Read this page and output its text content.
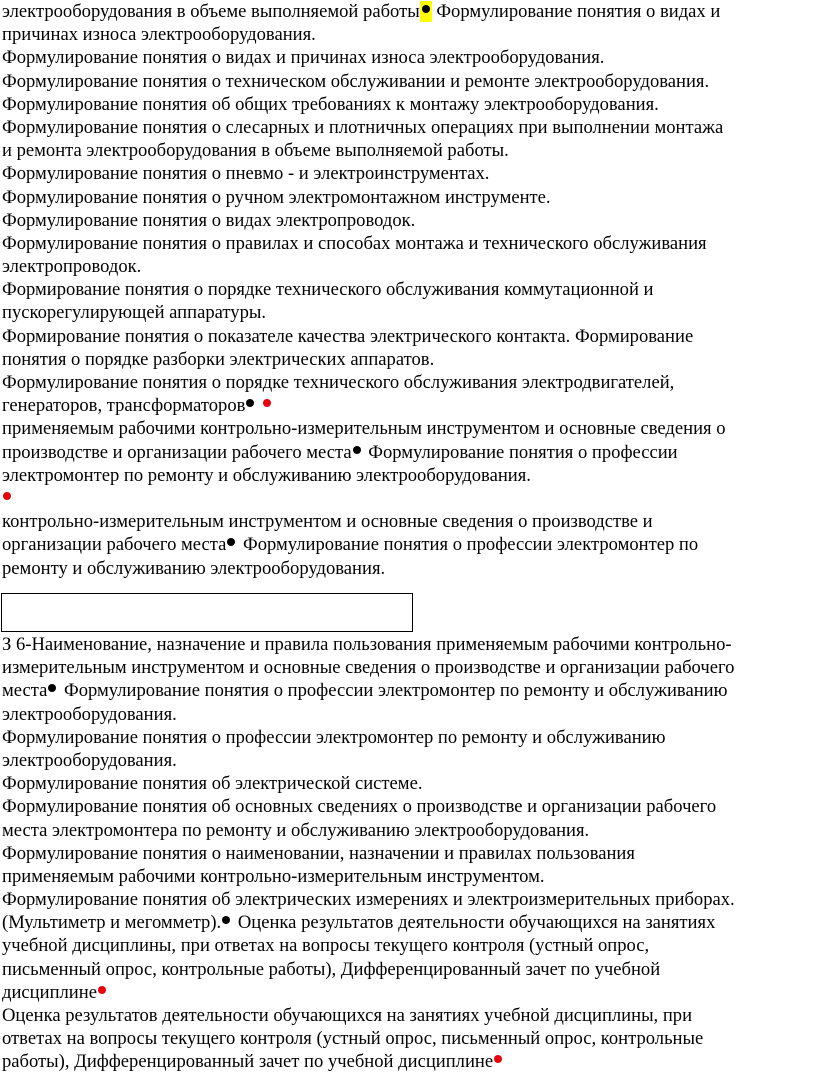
электрооборудования в объеме выполняемой работы Формулирование понятия о видах и
причинах износа электрооборудования.
Формулирование понятия о видах и причинах износа электрооборудования.
Формулирование понятия о техническом обслуживании и ремонте электрооборудования.
Формулирование понятия об общих требованиях к монтажу электрооборудования.
Формулирование понятия о слесарных и плотничных операциях при выполнении монтажа
и ремонта электрооборудования в объеме выполняемой работы.
Формулирование понятия о пневмо - и электроинструментах.
Формулирование понятия о ручном электромонтажном инструменте.
Формулирование понятия о видах электропроводок.
Формулирование понятия о правилах и способах монтажа и технического обслуживания
электропроводок.
Формирование понятия о порядке технического обслуживания коммутационной и
пускорегулирующей аппаратуры.
Формирование понятия о показателе качества электрического контакта. Формирование
понятия о порядке разборки электрических аппаратов.
Формулирование понятия о порядке технического обслуживания электродвигателей,
генераторов, трансформаторов
применяемым рабочими контрольно-измерительным инструментом и основные сведения о
производстве и организации рабочего места Формулирование понятия о профессии
электромонтер по ремонту и обслуживанию электрооборудования.
контрольно-измерительным инструментом и основные сведения о производстве и
организации рабочего места Формулирование понятия о профессии электромонтер по
ремонту и обслуживанию электрооборудования.
З 6-Наименование, назначение и правила пользования применяемым рабочими контрольно-
измерительным инструментом и основные сведения о производстве и организации рабочего
места Формулирование понятия о профессии электромонтер по ремонту и обслуживанию
электрооборудования.
Формулирование понятия о профессии электромонтер по ремонту и обслуживанию
электрооборудования.
Формулирование понятия об электрической системе.
Формулирование понятия об основных сведениях о производстве и организации рабочего
места электромонтера по ремонту и обслуживанию электрооборудования.
Формулирование понятия о наименовании, назначении и правилах пользования
применяемым рабочими контрольно-измерительным инструментом.
Формулирование понятия об электрических измерениях и электроизмерительных приборах.
(Мультиметр и мегомметр). Оценка результатов деятельности обучающихся на занятиях
учебной дисциплины, при ответах на вопросы текущего контроля (устный опрос,
письменный опрос, контрольные работы), Дифференцированный зачет по учебной
дисциплине
Оценка результатов деятельности обучающихся на занятиях учебной дисциплины, при
ответах на вопросы текущего контроля (устный опрос, письменный опрос, контрольные
работы), Дифференцированный зачет по учебной дисциплине
